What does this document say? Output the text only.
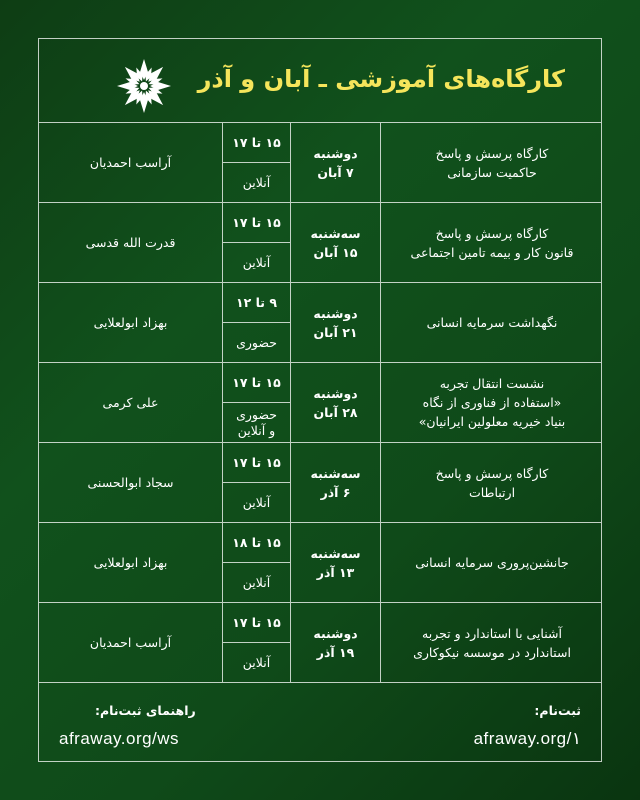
کارگاه‌های آموزشی ـ آبان و آذر
کارگاه پرسش و پاسخ
حاکمیت سازمانی
دوشنبه
۷ آبان
۱۵ تا ۱۷
آنلاین
آراسب احمدیان
کارگاه پرسش و پاسخ
قانون کار و بیمه تامین اجتماعی
سه‌شنبه
۱۵ آبان
۱۵ تا ۱۷
آنلاین
قدرت الله قدسی
نگهداشت سرمایه انسانی
دوشنبه
۲۱ آبان
۹ تا ۱۲
حضوری
بهزاد ابولعلایی
نشست انتقال تجربه
«استفاده از فناوری از نگاه
بنیاد خیریه معلولین ایرانیان»
دوشنبه
۲۸ آبان
۱۵ تا ۱۷
حضوری
و آنلاین
علی کرمی
کارگاه پرسش و پاسخ
ارتباطات
سه‌شنبه
۶ آذر
۱۵ تا ۱۷
آنلاین
سجاد ابوالحسنی
جانشین‌پروری سرمایه انسانی
سه‌شنبه
۱۳ آذر
۱۵ تا ۱۸
آنلاین
بهزاد ابولعلایی
آشنایی با استاندارد و تجربه
استاندارد در موسسه نیکوکاری
دوشنبه
۱۹ آذر
۱۵ تا ۱۷
آنلاین
آراسب احمدیان
ثبت‌نام:
afraway.org/۱
راهنمای ثبت‌نام:
afraway.org/ws
